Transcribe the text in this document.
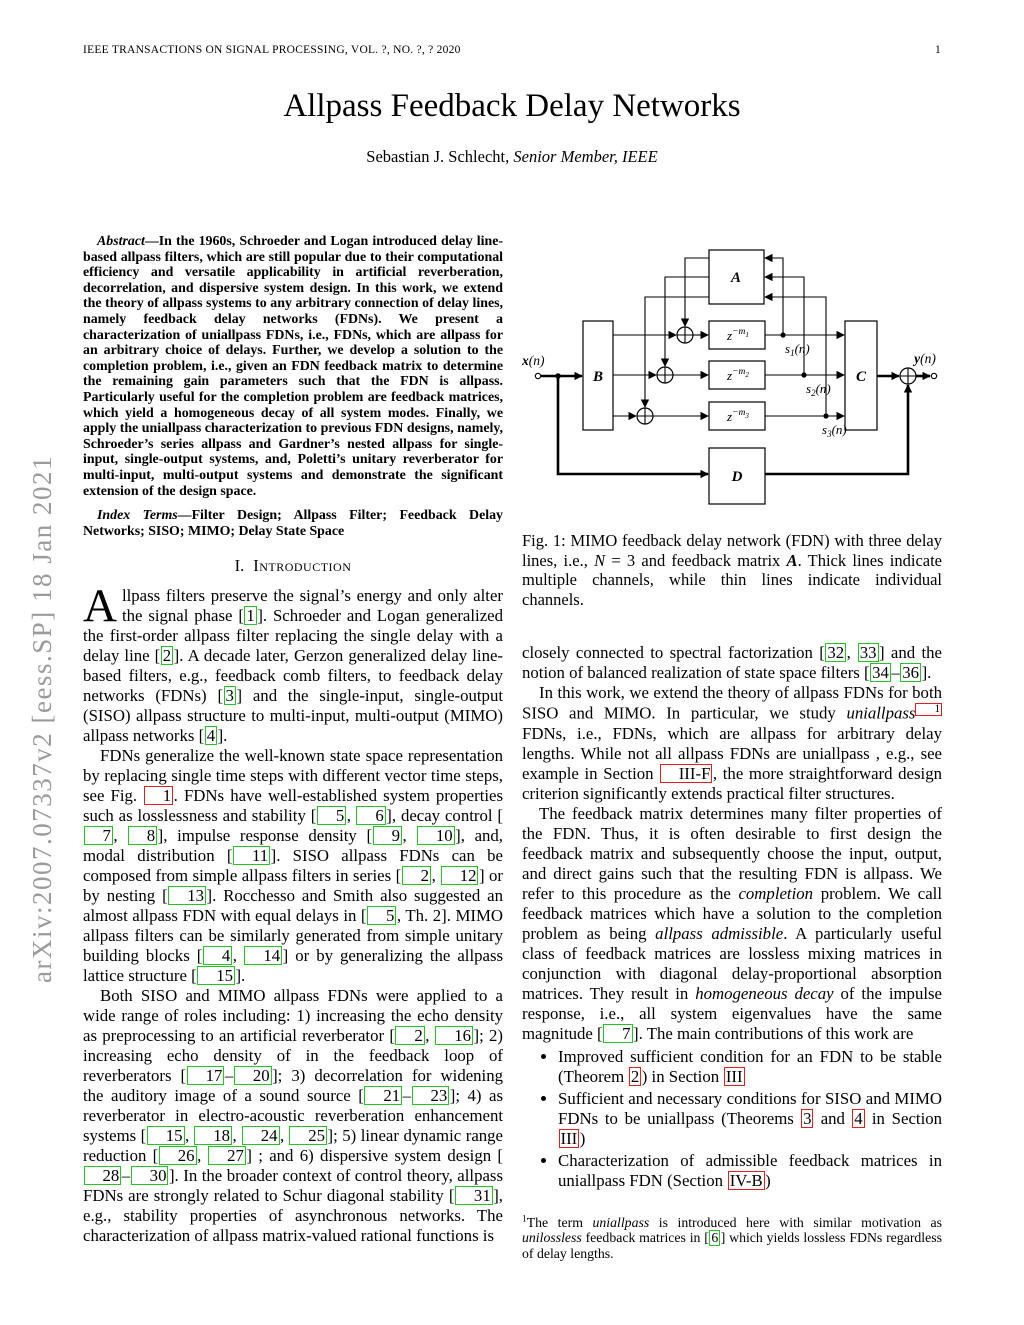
IEEE TRANSACTIONS ON SIGNAL PROCESSING, VOL. ?, NO. ?, ? 2020	1
arXiv:2007.07337v2 [eess.SP] 18 Jan 2021
Allpass Feedback Delay Networks
Sebastian J. Schlecht, Senior Member, IEEE

Abstract—In the 1960s, Schroeder and Logan introduced delay line-based allpass filters, which are still popular due to their computational efficiency and versatile applicability in artificial reverberation, decorrelation, and dispersive system design. In this work, we extend the theory of allpass systems to any arbitrary connection of delay lines, namely feedback delay networks (FDNs). We present a characterization of uniallpass FDNs, i.e., FDNs, which are allpass for an arbitrary choice of delays. Further, we develop a solution to the completion problem, i.e., given an FDN feedback matrix to determine the remaining gain parameters such that the FDN is allpass. Particularly useful for the completion problem are feedback matrices, which yield a homogeneous decay of all system modes. Finally, we apply the uniallpass characterization to previous FDN designs, namely, Schroeder’s series allpass and Gardner’s nested allpass for single-input, single-output systems, and, Poletti’s unitary reverberator for multi-input, multi-output systems and demonstrate the significant extension of the design space.

Index Terms—Filter Design; Allpass Filter; Feedback Delay Networks; SISO; MIMO; Delay State Space

I. Introduction

Allpass filters preserve the signal’s energy and only alter the signal phase [ 1 ]. Schroeder and Logan generalized the first-order allpass filter replacing the single delay with a delay line [ 2 ]. A decade later, Gerzon generalized delay line-based filters, e.g., feedback comb filters, to feedback delay networks (FDNs) [ 3 ] and the single-input, single-output (SISO) allpass structure to multi-input, multi-output (MIMO) allpass networks [ 4 ].

FDNs generalize the well-known state space representation by replacing single time steps with different vector time steps, see Fig. 1 . FDNs have well-established system properties such as losslessness and stability [ 5 , 6 ], decay control [7 , 8 ], impulse response density [ 9 , 10 ], and, modal distribution [ 11 ]. SISO allpass FDNs can be composed from simple allpass filters in series [ 2 , 12 ] or by nesting [ 13 ]. Rocchesso and Smith also suggested an almost allpass FDN with equal delays in [ 5 , Th. 2]. MIMO allpass filters can be similarly generated from simple unitary building blocks [ 4 , 14 ] or by generalizing the allpass lattice structure [ 15 ].

Both SISO and MIMO allpass FDNs were applied to a wide range of roles including: 1) increasing the echo density as preprocessing to an artificial reverberator [ 2 , 16 ]; 2) increasing echo density of in the feedback loop of reverberators [ 17 – 20 ]; 3) decorrelation for widening the auditory image of a sound source [ 21 – 23 ]; 4) as reverberator in electro-acoustic reverberation enhancement systems [ 15 , 18 , 24 , 25 ]; 5) linear dynamic range reduction [ 26 , 27 ] ; and 6) dispersive system design [28 – 30 ]. In the broader context of control theory, allpass FDNs are strongly related to Schur diagonal stability [ 31 ], e.g., stability properties of asynchronous networks. The characterization of allpass matrix-valued rational functions is

A
B	C
D
$z^{-m}_1$
$z^{-m}_2$
$z^{-m}_3$
x(n)	y(n)
$s_1(n)$
$s_2(n)$
$s_3(n)$
Fig. 1: MIMO feedback delay network (FDN) with three delay lines, i.e., N = 3 and feedback matrix A. Thick lines indicate multiple channels, while thin lines indicate individual channels.

closely connected to spectral factorization [ 32 , 33 ] and the notion of balanced realization of state space filters [ 34 – 36 ].

In this work, we extend the theory of allpass FDNs for both SISO and MIMO. In particular, we study uniallpass 1 FDNs, i.e., FDNs, which are allpass for arbitrary delay lengths. While not all allpass FDNs are uniallpass , e.g., see example in Section III-F , the more straightforward design criterion significantly extends practical filter structures.

The feedback matrix determines many filter properties of the FDN. Thus, it is often desirable to first design the feedback matrix and subsequently choose the input, output, and direct gains such that the resulting FDN is allpass. We refer to this procedure as the completion problem. We call feedback matrices which have a solution to the completion problem as being allpass admissible. A particularly useful class of feedback matrices are lossless mixing matrices in conjunction with diagonal delay-proportional absorption matrices. They result in homogeneous decay of the impulse response, i.e., all system eigenvalues have the same magnitude [ 7 ]. The main contributions of this work are

• Improved sufficient condition for an FDN to be stable (Theorem 2 ) in Section III
• Sufficient and necessary conditions for SISO and MIMO FDNs to be uniallpass (Theorems 3 and 4 in Section III )
• Characterization of admissible feedback matrices in uniallpass FDN (Section IV-B )
$^1$The term uniallpass is introduced here with similar motivation as unilossless feedback matrices in [ 6 ] which yields lossless FDNs regardless of delay lengths.
